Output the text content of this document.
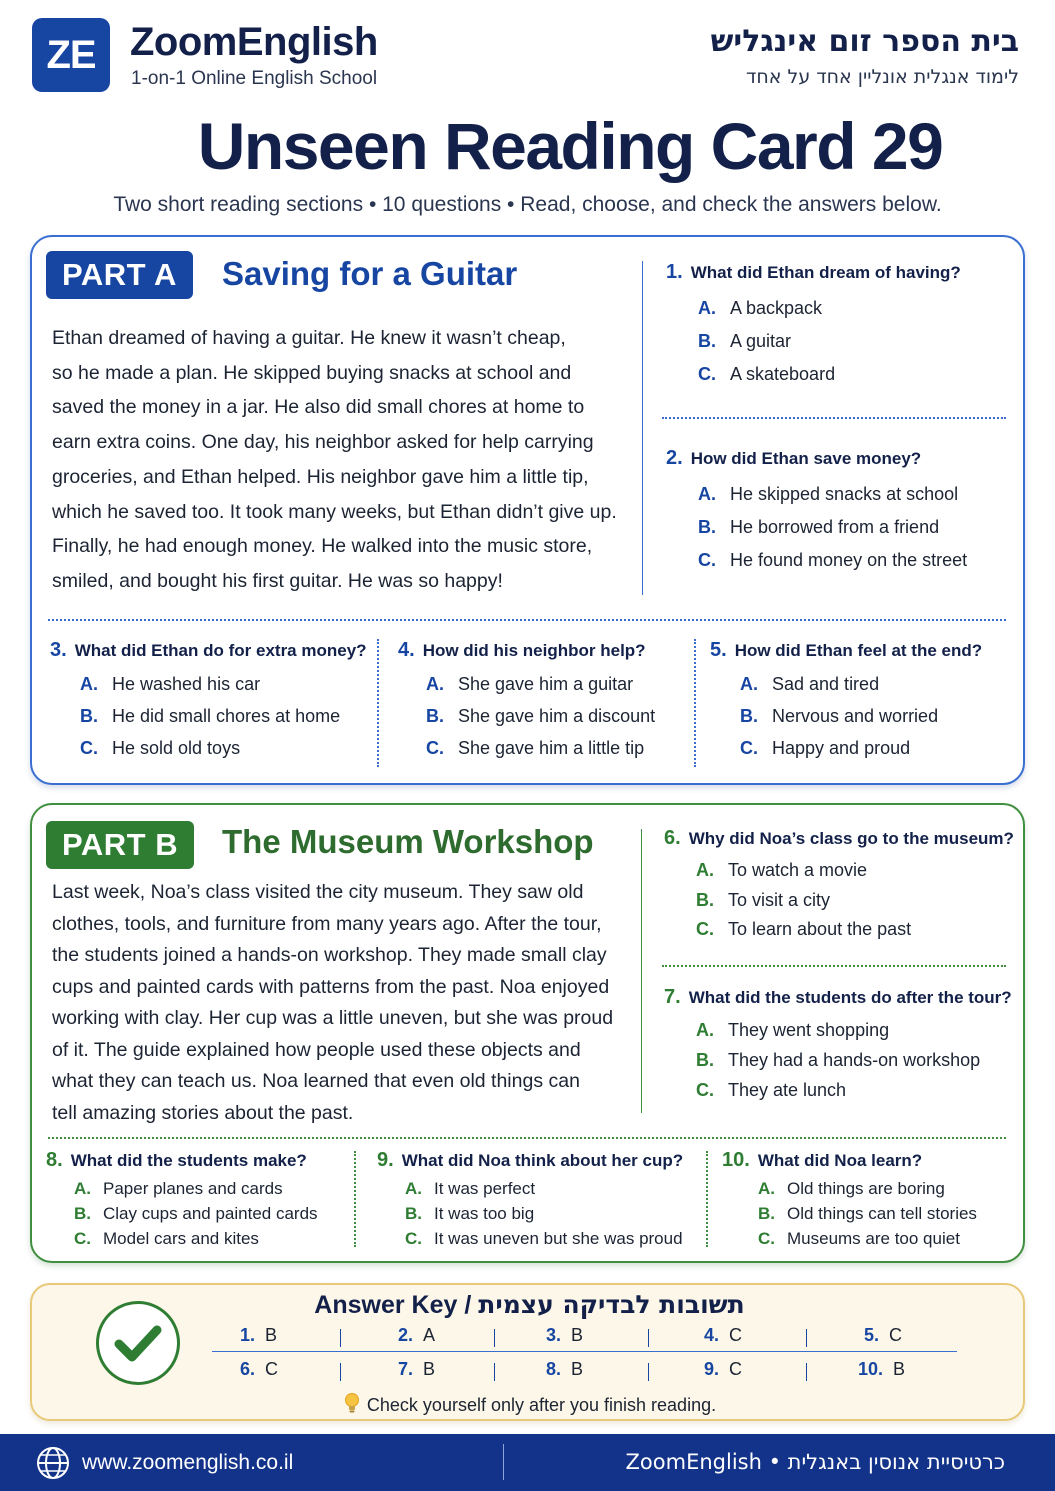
ZE ZoomEnglish
1-on-1 Online English School
בית הספר זום אינגליש
לימוד אנגלית אונליין אחד על אחד
Unseen Reading Card 29
Two short reading sections • 10 questions • Read, choose, and check the answers below.
PART A	Saving for a Guitar
Ethan dreamed of having a guitar. He knew it wasn’t cheap,
so he made a plan. He skipped buying snacks at school and
saved the money in a jar. He also did small chores at home to
earn extra coins. One day, his neighbor asked for help carrying
groceries, and Ethan helped. His neighbor gave him a little tip,
which he saved too. It took many weeks, but Ethan didn’t give up.
Finally, he had enough money. He walked into the music store,
smiled, and bought his first guitar. He was so happy!
1. What did Ethan dream of having?
A. A backpack
B. A guitar
C. A skateboard
2. How did Ethan save money?
A. He skipped snacks at school
B. He borrowed from a friend
C. He found money on the street
3. What did Ethan do for extra money?
A. He washed his car
B. He did small chores at home
C. He sold old toys
4. How did his neighbor help?
A. She gave him a guitar
B. She gave him a discount
C. She gave him a little tip
5. How did Ethan feel at the end?
A. Sad and tired
B. Nervous and worried
C. Happy and proud
PART B	The Museum Workshop
Last week, Noa’s class visited the city museum. They saw old
clothes, tools, and furniture from many years ago. After the tour,
the students joined a hands-on workshop. They made small clay
cups and painted cards with patterns from the past. Noa enjoyed
working with clay. Her cup was a little uneven, but she was proud
of it. The guide explained how people used these objects and
what they can teach us. Noa learned that even old things can
tell amazing stories about the past.
6. Why did Noa’s class go to the museum?
A. To watch a movie
B. To visit a city
C. To learn about the past
7. What did the students do after the tour?
A. They went shopping
B. They had a hands-on workshop
C. They ate lunch
8. What did the students make?
A. Paper planes and cards
B. Clay cups and painted cards
C. Model cars and kites
9. What did Noa think about her cup?
A. It was perfect
B. It was too big
C. It was uneven but she was proud
10. What did Noa learn?
A. Old things are boring
B. Old things can tell stories
C. Museums are too quiet
Answer Key / תשובות לבדיקה עצמית
1. B	2. A	3. B	4. C	5. C
6. C	7. B	8. B	9. C	10. B
Check yourself only after you finish reading.
www.zoomenglish.co.il	כרטיסיית אנוסין באנגלית • ZoomEnglish
